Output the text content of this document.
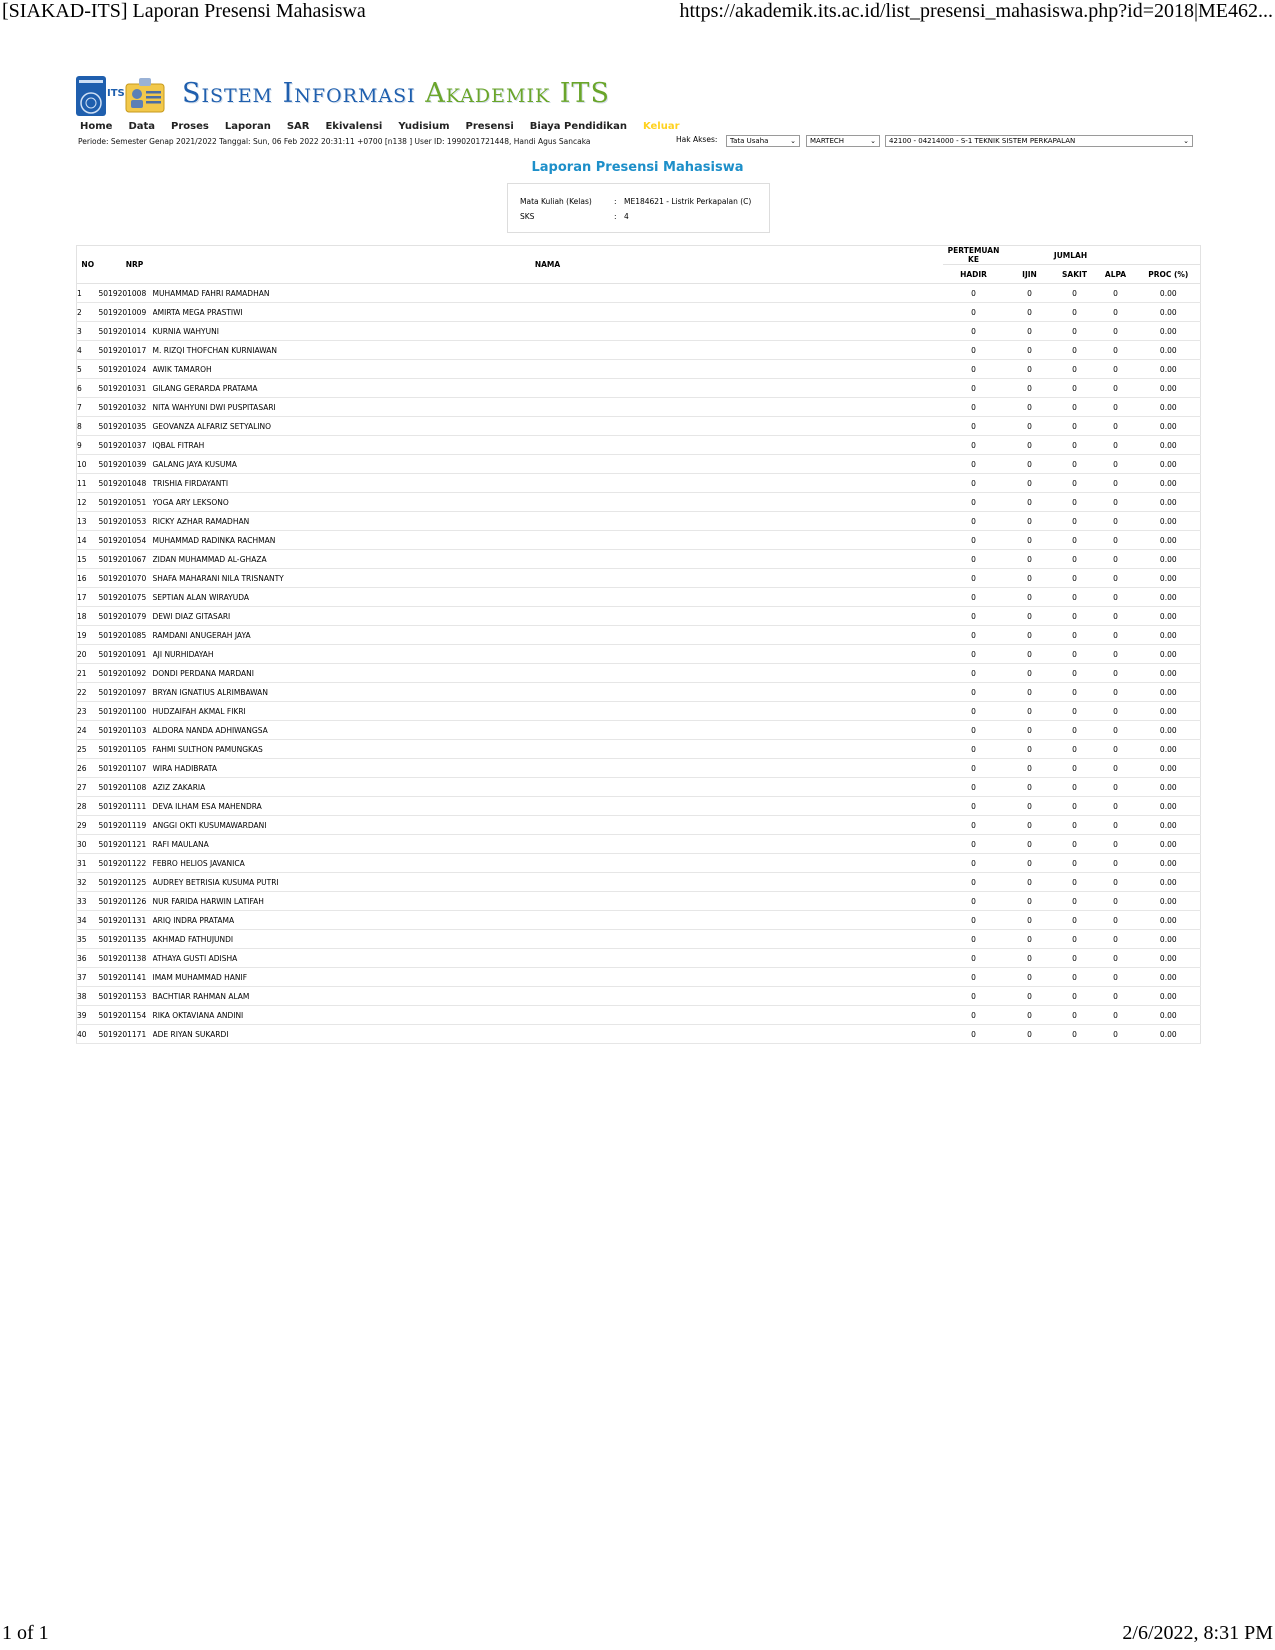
[SIAKAD-ITS] Laporan Presensi Mahasiswa	https://akademik.its.ac.id/list_presensi_mahasiswa.php?id=2018|ME462...
ITS Sistem Informasi Akademik ITS
Home	Data	Proses	Laporan	SAR	Ekivalensi	Yudisium	Presensi	Biaya Pendidikan	Keluar
Periode: Semester Genap 2021/2022 Tanggal: Sun, 06 Feb 2022 20:31:11 +0700 [n138 ] User ID: 1990201721448, Handi Agus Sancaka	Hak Akses:	Tata Usaha	⌄	MARTECH	⌄	42100 - 04214000 - S-1 TEKNIK SISTEM PERKAPALAN	⌄
Laporan Presensi Mahasiswa
Mata Kuliah (Kelas)	: ME184621 - Listrik Perkapalan (C)
SKS	: 4
NO	NRP	NAMA	PERTEMUAN KE	JUMLAH			
			HADIR	IJIN	SAKIT	ALPA	PROC (%)
1	5019201008	MUHAMMAD FAHRI RAMADHAN	0	0	0	0	0.00
2	5019201009	AMIRTA MEGA PRASTIWI	0	0	0	0	0.00
3	5019201014	KURNIA WAHYUNI	0	0	0	0	0.00
4	5019201017	M. RIZQI THOFCHAN KURNIAWAN	0	0	0	0	0.00
5	5019201024	AWIK TAMAROH	0	0	0	0	0.00
6	5019201031	GILANG GERARDA PRATAMA	0	0	0	0	0.00
7	5019201032	NITA WAHYUNI DWI PUSPITASARI	0	0	0	0	0.00
8	5019201035	GEOVANZA ALFARIZ SETYALINO	0	0	0	0	0.00
9	5019201037	IQBAL FITRAH	0	0	0	0	0.00
10	5019201039	GALANG JAYA KUSUMA	0	0	0	0	0.00
11	5019201048	TRISHIA FIRDAYANTI	0	0	0	0	0.00
12	5019201051	YOGA ARY LEKSONO	0	0	0	0	0.00
13	5019201053	RICKY AZHAR RAMADHAN	0	0	0	0	0.00
14	5019201054	MUHAMMAD RADINKA RACHMAN	0	0	0	0	0.00
15	5019201067	ZIDAN MUHAMMAD AL-GHAZA	0	0	0	0	0.00
16	5019201070	SHAFA MAHARANI NILA TRISNANTY	0	0	0	0	0.00
17	5019201075	SEPTIAN ALAN WIRAYUDA	0	0	0	0	0.00
18	5019201079	DEWI DIAZ GITASARI	0	0	0	0	0.00
19	5019201085	RAMDANI ANUGERAH JAYA	0	0	0	0	0.00
20	5019201091	AJI NURHIDAYAH	0	0	0	0	0.00
21	5019201092	DONDI PERDANA MARDANI	0	0	0	0	0.00
22	5019201097	BRYAN IGNATIUS ALRIMBAWAN	0	0	0	0	0.00
23	5019201100	HUDZAIFAH AKMAL FIKRI	0	0	0	0	0.00
24	5019201103	ALDORA NANDA ADHIWANGSA	0	0	0	0	0.00
25	5019201105	FAHMI SULTHON PAMUNGKAS	0	0	0	0	0.00
26	5019201107	WIRA HADIBRATA	0	0	0	0	0.00
27	5019201108	AZIZ ZAKARIA	0	0	0	0	0.00
28	5019201111	DEVA ILHAM ESA MAHENDRA	0	0	0	0	0.00
29	5019201119	ANGGI OKTI KUSUMAWARDANI	0	0	0	0	0.00
30	5019201121	RAFI MAULANA	0	0	0	0	0.00
31	5019201122	FEBRO HELIOS JAVANICA	0	0	0	0	0.00
32	5019201125	AUDREY BETRISIA KUSUMA PUTRI	0	0	0	0	0.00
33	5019201126	NUR FARIDA HARWIN LATIFAH	0	0	0	0	0.00
34	5019201131	ARIQ INDRA PRATAMA	0	0	0	0	0.00
35	5019201135	AKHMAD FATHUJUNDI	0	0	0	0	0.00
36	5019201138	ATHAYA GUSTI ADISHA	0	0	0	0	0.00
37	5019201141	IMAM MUHAMMAD HANIF	0	0	0	0	0.00
38	5019201153	BACHTIAR RAHMAN ALAM	0	0	0	0	0.00
39	5019201154	RIKA OKTAVIANA ANDINI	0	0	0	0	0.00
40	5019201171	ADE RIYAN SUKARDI	0	0	0	0	0.00
1 of 1	2/6/2022, 8:31 PM
